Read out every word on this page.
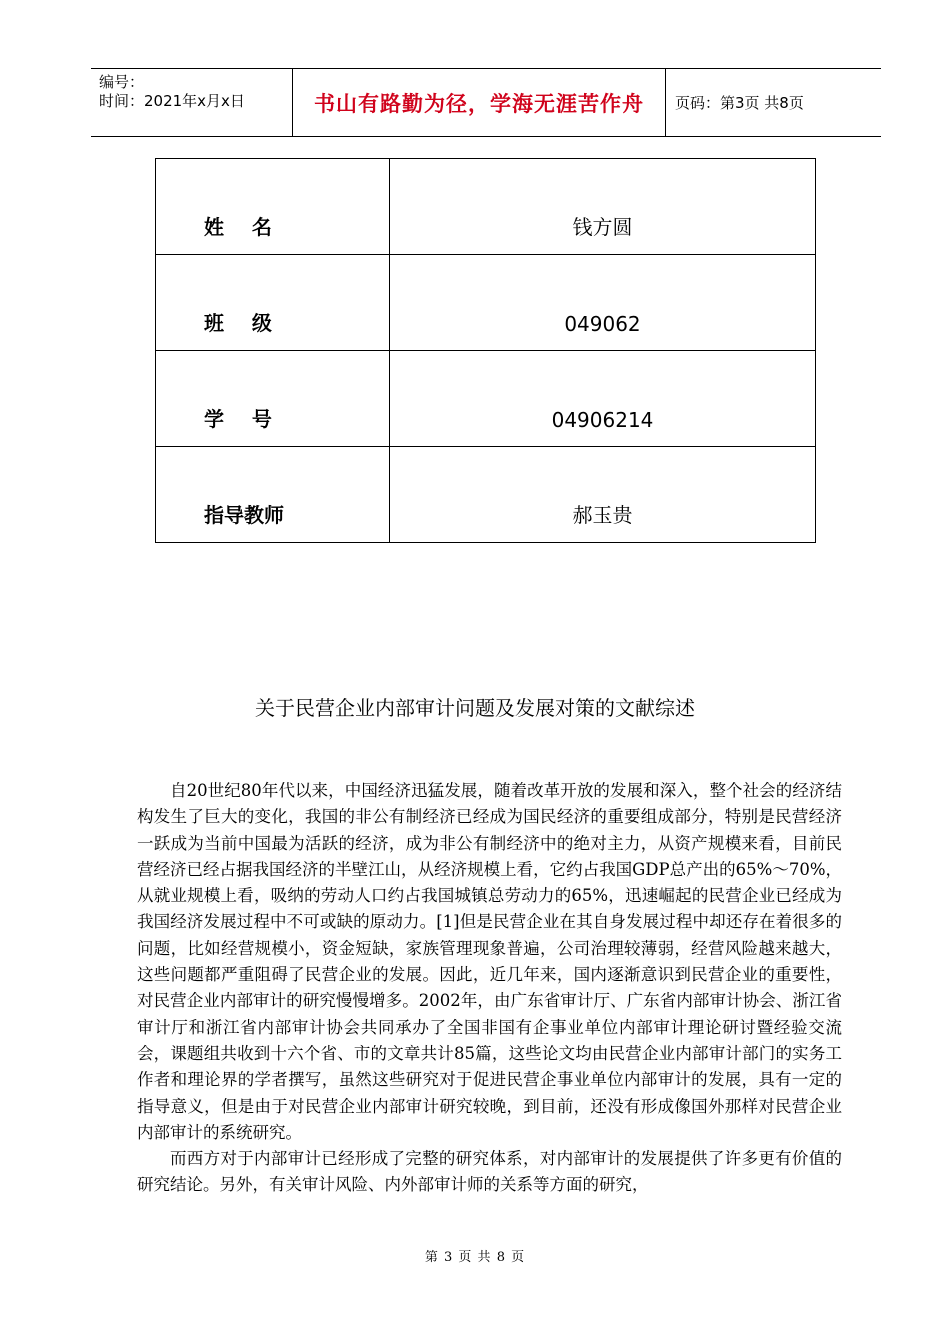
编号：
时间：2021年x月x日	书山有路勤为径，学海无涯苦作舟	页码：第3页 共8页
姓    名	钱方圆
班    级	049062
学    号	04906214
指导教师	郝玉贵
关于民营企业内部审计问题及发展对策的文献综述

自20世纪80年代以来，中国经济迅猛发展，随着改革开放的发展和深入，整个社会的经济结构发生了巨大的变化，我国的非公有制经济已经成为国民经济的重要组成部分，特别是民营经济一跃成为当前中国最为活跃的经济，成为非公有制经济中的绝对主力，从资产规模来看，目前民营经济已经占据我国经济的半壁江山，从经济规模上看，它约占我国GDP总产出的65%～70%，从就业规模上看，吸纳的劳动人口约占我国城镇总劳动力的65%，迅速崛起的民营企业已经成为我国经济发展过程中不可或缺的原动力。[1]但是民营企业在其自身发展过程中却还存在着很多的问题，比如经营规模小，资金短缺，家族管理现象普遍，公司治理较薄弱，经营风险越来越大，这些问题都严重阻碍了民营企业的发展。因此，近几年来，国内逐渐意识到民营企业的重要性，对民营企业内部审计的研究慢慢增多。2002年，由广东省审计厅、广东省内部审计协会、浙江省审计厅和浙江省内部审计协会共同承办了全国非国有企事业单位内部审计理论研讨暨经验交流会，课题组共收到十六个省、市的文章共计85篇，这些论文均由民营企业内部审计部门的实务工作者和理论界的学者撰写，虽然这些研究对于促进民营企事业单位内部审计的发展，具有一定的指导意义，但是由于对民营企业内部审计研究较晚，到目前，还没有形成像国外那样对民营企业内部审计的系统研究。

而西方对于内部审计已经形成了完整的研究体系，对内部审计的发展提供了许多更有价值的研究结论。另外，有关审计风险、内外部审计师的关系等方面的研究，

第 3 页 共 8 页
